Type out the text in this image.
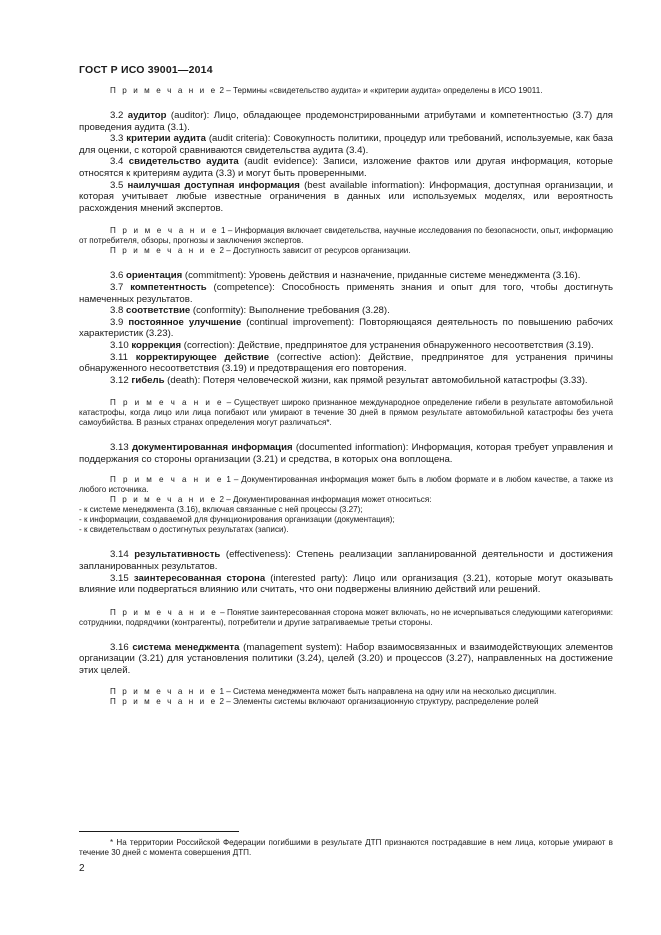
ГОСТ Р ИСО 39001—2014

П р и м е ч а н и е 2 – Термины «свидетельство аудита» и «критерии аудита» определены в ИСО 19011.

3.2 аудитор (auditor): Лицо, обладающее продемонстрированными атрибутами и компетентностью (3.7) для проведения аудита (3.1).

3.3 критерии аудита (audit criteria): Совокупность политики, процедур или требований, используемые, как база для оценки, с которой сравниваются свидетельства аудита (3.4).

3.4 свидетельство аудита (audit evidence): Записи, изложение фактов или другая информация, которые относятся к критериям аудита (3.3) и могут быть проверенными.

3.5 наилучшая доступная информация (best available information): Информация, доступная организации, и которая учитывает любые известные ограничения в данных или используемых моделях, или вероятность расхождения мнений экспертов.

П р и м е ч а н и е 1 – Информация включает свидетельства, научные исследования по безопасности, опыт, информацию от потребителя, обзоры, прогнозы и заключения экспертов.

П р и м е ч а н и е 2 – Доступность зависит от ресурсов организации.

3.6 ориентация (commitment): Уровень действия и назначение, приданные системе менеджмента (3.16).

3.7 компетентность (competence): Способность применять знания и опыт для того, чтобы достигнуть намеченных результатов.

3.8 соответствие (conformity): Выполнение требования (3.28).

3.9 постоянное улучшение (continual improvement): Повторяющаяся деятельность по повышению рабочих характеристик (3.23).

3.10 коррекция (correction): Действие, предпринятое для устранения обнаруженного несоответствия (3.19).

3.11 корректирующее действие (corrective action): Действие, предпринятое для устранения причины обнаруженного несоответствия (3.19) и предотвращения его повторения.

3.12 гибель (death): Потеря человеческой жизни, как прямой результат автомобильной катастрофы (3.33).

П р и м е ч а н и е – Существует широко признанное международное определение гибели в результате автомобильной катастрофы, когда лицо или лица погибают или умирают в течение 30 дней в прямом результате автомобильной катастрофы без учета самоубийства. В разных странах определения могут различаться*.

3.13 документированная информация (documented information): Информация, которая требует управления и поддержания со стороны организации (3.21) и средства, в которых она воплощена.

П р и м е ч а н и е 1 – Документированная информация может быть в любом формате и в любом качестве, а также из любого источника.

П р и м е ч а н и е 2 – Документированная информация может относиться:

- к системе менеджмента (3.16), включая связанные с ней процессы (3.27);

- к информации, создаваемой для функционирования организации (документация);

- к свидетельствам о достигнутых результатах (записи).

3.14 результативность (effectiveness): Степень реализации запланированной деятельности и достижения запланированных результатов.

3.15 заинтересованная сторона (interested party): Лицо или организация (3.21), которые могут оказывать влияние или подвергаться влиянию или считать, что они подвержены влиянию действий или решений.

П р и м е ч а н и е – Понятие заинтересованная сторона может включать, но не исчерпываться следующими категориями: сотрудники, подрядчики (контрагенты), потребители и другие затрагиваемые третьи стороны.

3.16 система менеджмента (management system): Набор взаимосвязанных и взаимодействующих элементов организации (3.21) для установления политики (3.24), целей (3.20) и процессов (3.27), направленных на достижение этих целей.

П р и м е ч а н и е 1 – Система менеджмента может быть направлена на одну или на несколько дисциплин.

П р и м е ч а н и е 2 – Элементы системы включают организационную структуру, распределение ролей

* На территории Российской Федерации погибшими в результате ДТП признаются пострадавшие в нем лица, которые умирают в течение 30 дней с момента совершения ДТП.

2
